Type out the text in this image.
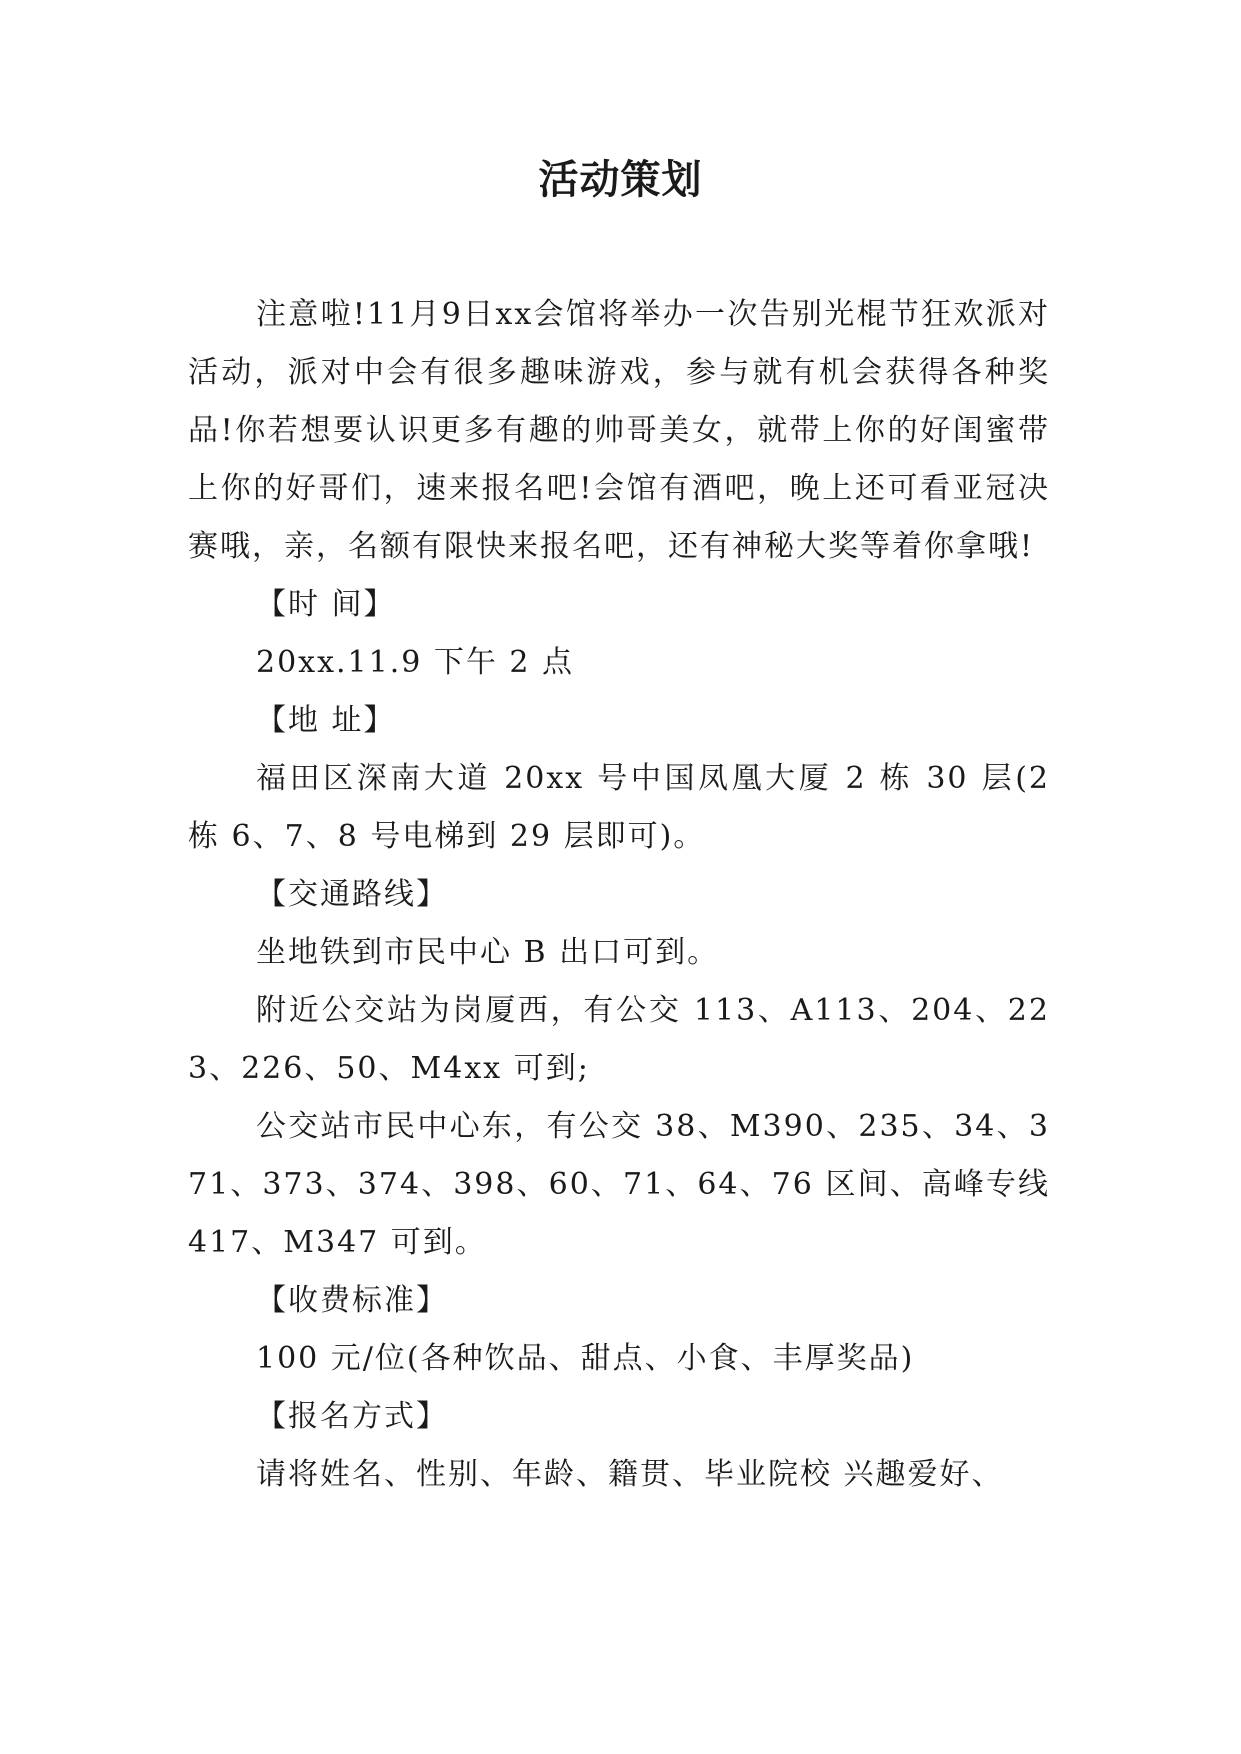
活动策划

注意啦!11月9日xx会馆将举办一次告别光棍节狂欢派对活动，派对中会有很多趣味游戏，参与就有机会获得各种奖品!你若想要认识更多有趣的帅哥美女，就带上你的好闺蜜带上你的好哥们，速来报名吧!会馆有酒吧，晚上还可看亚冠决赛哦，亲，名额有限快来报名吧，还有神秘大奖等着你拿哦!

【时 间】

20xx.11.9 下午 2 点

【地 址】

福田区深南大道 20xx 号中国凤凰大厦 2 栋 30 层(2 栋 6、7、8 号电梯到 29 层即可)。

【交通路线】

坐地铁到市民中心 B 出口可到。

附近公交站为岗厦西，有公交 113、A113、204、223、226、50、M4xx 可到;

公交站市民中心东，有公交 38、M390、235、34、371、373、374、398、60、71、64、76 区间、高峰专线 417、M347 可到。

【收费标准】

100 元/位(各种饮品、甜点、小食、丰厚奖品)

【报名方式】

请将姓名、性别、年龄、籍贯、毕业院校 兴趣爱好、
